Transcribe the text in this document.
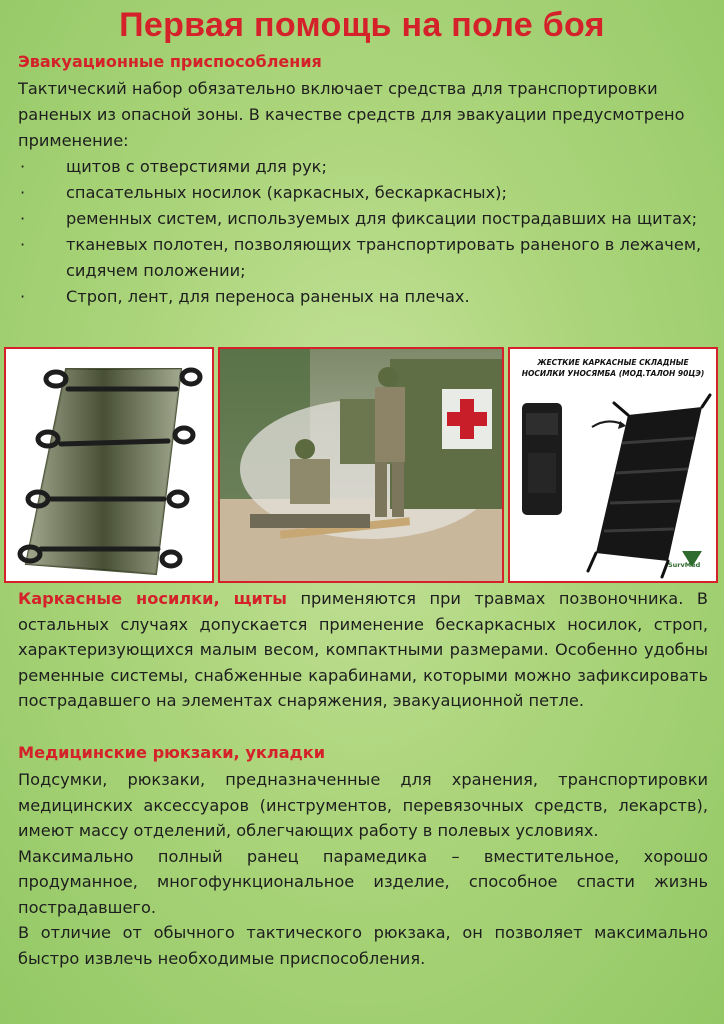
Первая помощь на поле боя
Эвакуационные приспособления
Тактический набор обязательно включает средства для транспортировки раненых из опасной зоны. В качестве средств для эвакуации предусмотрено применение:
·	щитов с отверстиями для рук;
·	спасательных носилок (каркасных, бескаркасных);
·	ременных систем, используемых для фиксации пострадавших на щитах;
·	тканевых полотен, позволяющих транспортировать раненого в лежачем, сидячем положении;
·	Строп, лент, для переноса раненых на плечах.
ЖЕСТКИЕ КАРКАСНЫЕ СКЛАДНЫЕ
НОСИЛКИ УНОСЯМБА (МОД.ТАЛОН 90ЦЭ)
SurvMed
Каркасные носилки, щиты применяются при травмах позвоночника. В остальных случаях допускается применение бескаркасных носилок, строп, характеризующихся малым весом, компактными размерами. Особенно удобны ременные системы, снабженные карабинами, которыми можно зафиксировать пострадавшего на элементах снаряжения, эвакуационной петле.
Медицинские рюкзаки, укладки
Подсумки, рюкзаки, предназначенные для хранения, транспортировки медицинских аксессуаров (инструментов, перевязочных средств, лекарств), имеют массу отделений, облегчающих работу в полевых условиях.
Максимально полный ранец парамедика – вместительное, хорошо продуманное, многофункциональное изделие, способное спасти жизнь пострадавшего.
В отличие от обычного тактического рюкзака, он позволяет максимально быстро извлечь необходимые приспособления.
